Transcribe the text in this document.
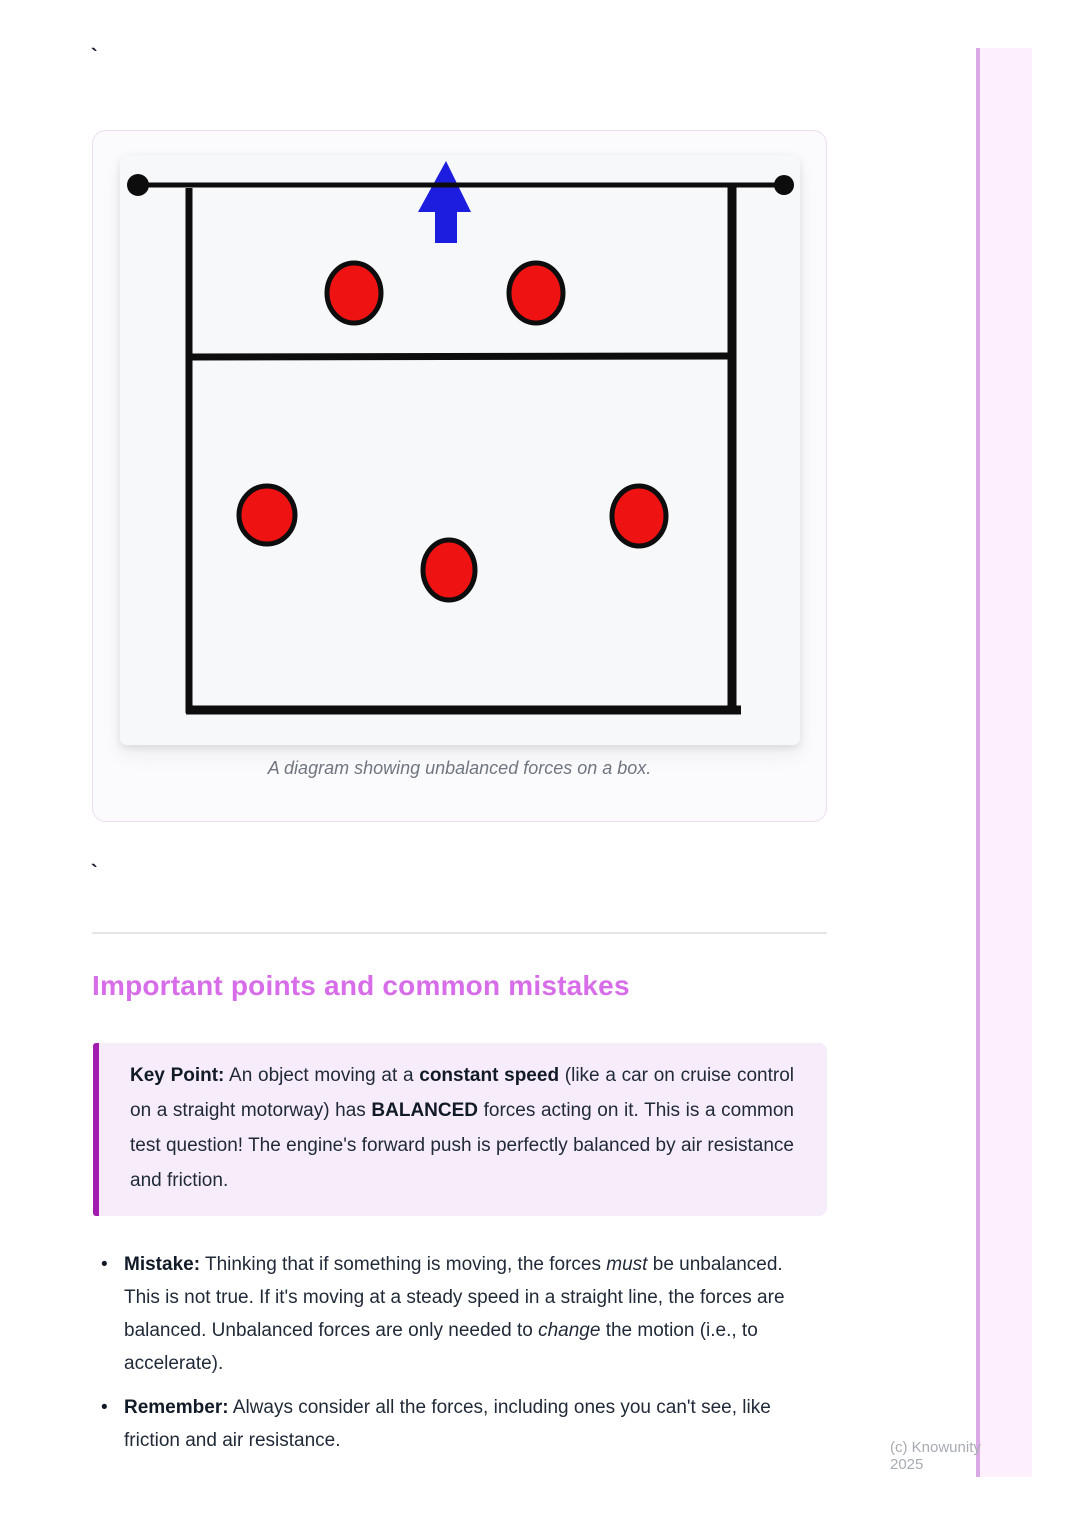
`
A diagram showing unbalanced forces on a box.
`
Important points and common mistakes

Key Point: An object moving at a constant speed (like a car on cruise control on a straight motorway) has BALANCED forces acting on it. This is a common test question! The engine's forward push is perfectly balanced by air resistance and friction.

• Mistake: Thinking that if something is moving, the forces must be unbalanced. This is not true. If it's moving at a steady speed in a straight line, the forces are balanced. Unbalanced forces are only needed to change the motion (i.e., to accelerate).
• Remember: Always consider all the forces, including ones you can't see, like friction and air resistance.	(c) Knowunity 2025
